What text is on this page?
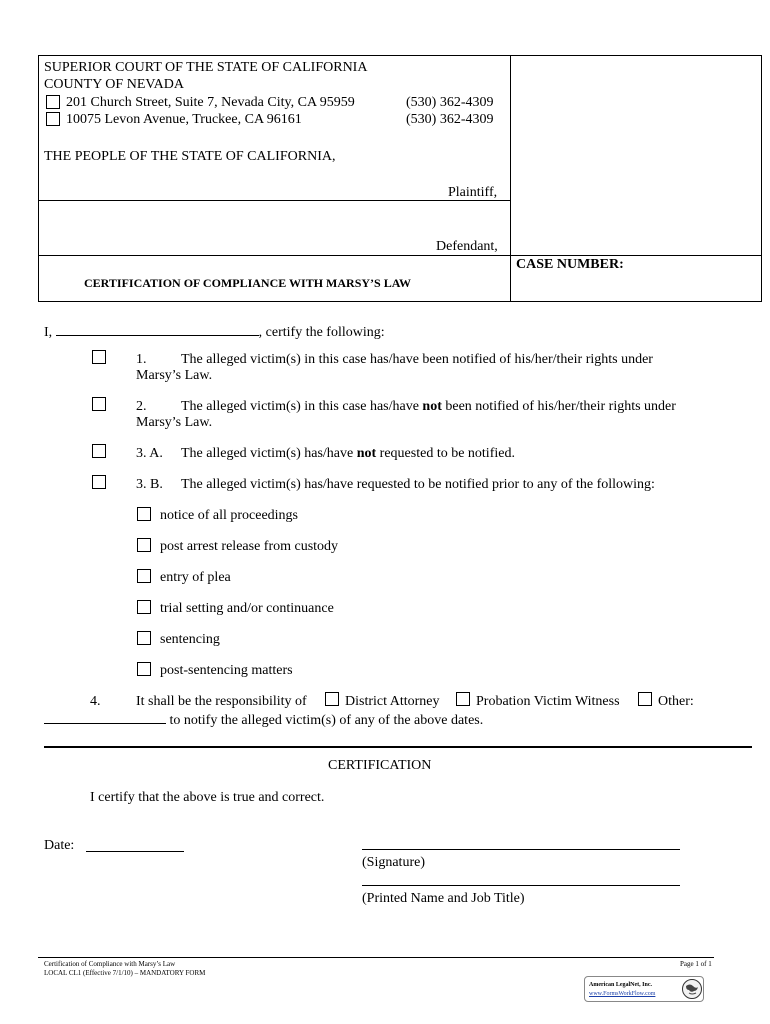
SUPERIOR COURT OF THE STATE OF CALIFORNIA
COUNTY OF NEVADA
201 Church Street, Suite 7, Nevada City, CA 95959	(530) 362-4309
10075 Levon Avenue, Truckee, CA 96161	(530) 362-4309
THE PEOPLE OF THE STATE OF CALIFORNIA,
Plaintiff,
Defendant,
CERTIFICATION OF COMPLIANCE WITH MARSY’S LAW
CASE NUMBER:
I,	, certify the following:
1. The alleged victim(s) in this case has/have been notified of his/her/their rights under
Marsy’s Law.
2. The alleged victim(s) in this case has/have not been notified of his/her/their rights under
Marsy’s Law.
3. A. The alleged victim(s) has/have not requested to be notified.
3. B. The alleged victim(s) has/have requested to be notified prior to any of the following:
notice of all proceedings
post arrest release from custody
entry of plea
trial setting and/or continuance
sentencing
post-sentencing matters
4.	It shall be the responsibility of	District Attorney	Probation Victim Witness	Other:
to notify the alleged victim(s) of any of the above dates.
CERTIFICATION
I certify that the above is true and correct.
Date:
(Signature)
(Printed Name and Job Title)
Certification of Compliance with Marsy’s Law
LOCAL CL1 (Effective 7/1/10) – MANDATORY FORM
Page 1 of 1
American LegalNet, Inc.
www.FormsWorkFlow.com
